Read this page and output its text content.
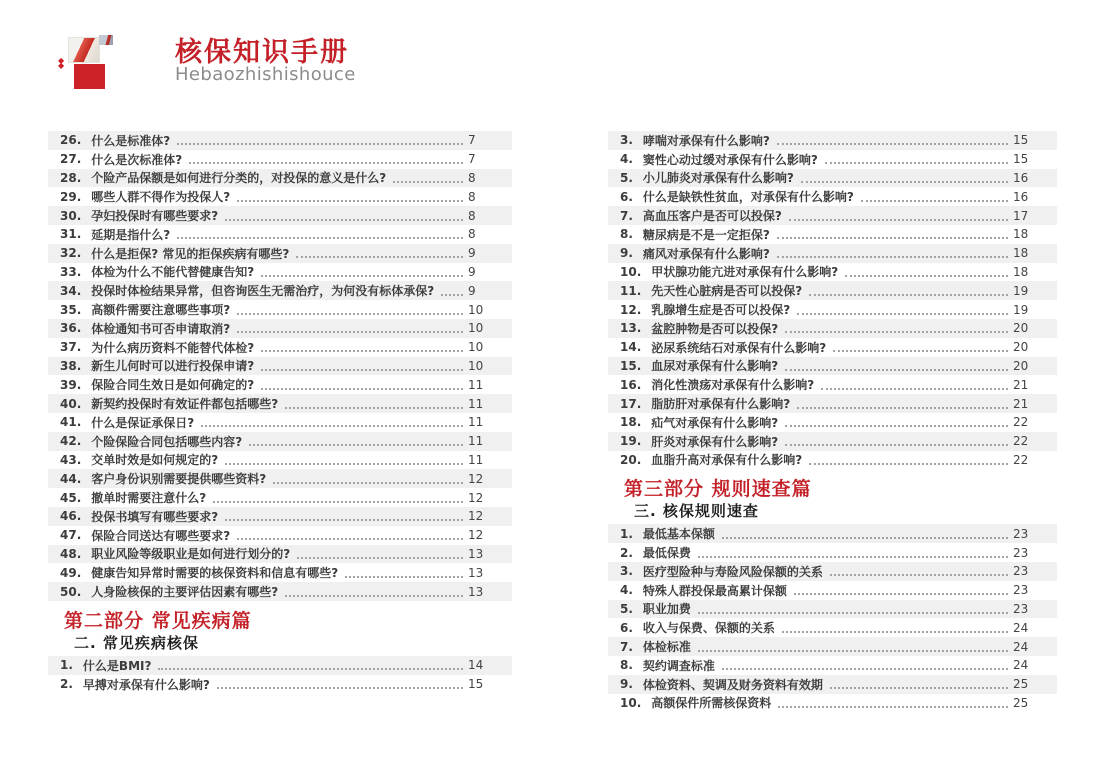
◆ ◆	核保知识手册
Hebaozhishishouce
26. 什么是标准体?	7
27. 什么是次标准体?	7
28. 个险产品保额是如何进行分类的，对投保的意义是什么?	8
29. 哪些人群不得作为投保人?	8
30. 孕妇投保时有哪些要求?	8
31. 延期是指什么?	8
32. 什么是拒保? 常见的拒保疾病有哪些?	9
33. 体检为什么不能代替健康告知?	9
34. 投保时体检结果异常，但咨询医生无需治疗，为何没有标体承保?	9
35. 高额件需要注意哪些事项?	10
36. 体检通知书可否申请取消?	10
37. 为什么病历资料不能替代体检?	10
38. 新生儿何时可以进行投保申请?	10
39. 保险合同生效日是如何确定的?	11
40. 新契约投保时有效证件都包括哪些?	11
41. 什么是保证承保日?	11
42. 个险保险合同包括哪些内容?	11
43. 交单时效是如何规定的?	11
44. 客户身份识别需要提供哪些资料?	12
45. 撤单时需要注意什么?	12
46. 投保书填写有哪些要求?	12
47. 保险合同送达有哪些要求?	12
48. 职业风险等级职业是如何进行划分的?	13
49. 健康告知异常时需要的核保资料和信息有哪些?	13
50. 人身险核保的主要评估因素有哪些?	13
第二部分 常见疾病篇
二. 常见疾病核保
1. 什么是BMI?	14
2. 早搏对承保有什么影响?	15
3. 哮喘对承保有什么影响?	15
4. 窦性心动过缓对承保有什么影响?	15
5. 小儿肺炎对承保有什么影响?	16
6. 什么是缺铁性贫血，对承保有什么影响?	16
7. 高血压客户是否可以投保?	17
8. 糖尿病是不是一定拒保?	18
9. 痛风对承保有什么影响?	18
10. 甲状腺功能亢进对承保有什么影响?	18
11. 先天性心脏病是否可以投保?	19
12. 乳腺增生症是否可以投保?	19
13. 盆腔肿物是否可以投保?	20
14. 泌尿系统结石对承保有什么影响?	20
15. 血尿对承保有什么影响?	20
16. 消化性溃疡对承保有什么影响?	21
17. 脂肪肝对承保有什么影响?	21
18. 疝气对承保有什么影响?	22
19. 肝炎对承保有什么影响?	22
20. 血脂升高对承保有什么影响?	22
第三部分 规则速查篇
三. 核保规则速查
1. 最低基本保额	23
2. 最低保费	23
3. 医疗型险种与寿险风险保额的关系	23
4. 特殊人群投保最高累计保额	23
5. 职业加费	23
6. 收入与保费、保额的关系	24
7. 体检标准	24
8. 契约调查标准	24
9. 体检资料、契调及财务资料有效期	25
10. 高额保件所需核保资料	25
